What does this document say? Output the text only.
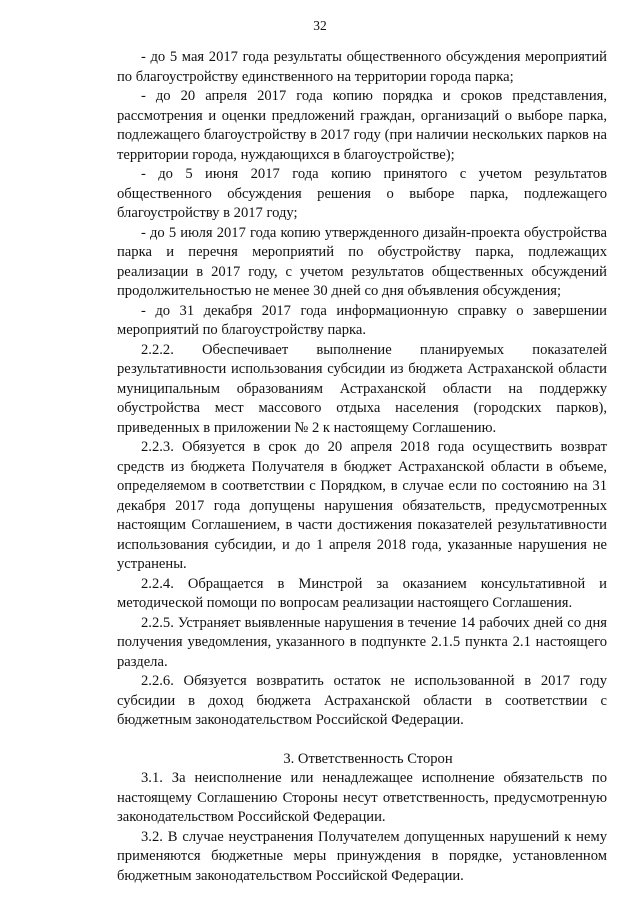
32

- до 5 мая 2017 года результаты общественного обсуждения мероприятий по благоустройству единственного на территории города парка;

- до 20 апреля 2017 года копию порядка и сроков представления, рассмотрения и оценки предложений граждан, организаций о выборе парка, подлежащего благоустройству в 2017 году (при наличии нескольких парков на территории города, нуждающихся в благоустройстве);

- до 5 июня 2017 года копию принятого с учетом результатов общественного обсуждения решения о выборе парка, подлежащего благоустройству в 2017 году;

- до 5 июля 2017 года копию утвержденного дизайн-проекта обустройства парка и перечня мероприятий по обустройству парка, подлежащих реализации в 2017 году, с учетом результатов общественных обсуждений продолжительностью не менее 30 дней со дня объявления обсуждения;

- до 31 декабря 2017 года информационную справку о завершении мероприятий по благоустройству парка.

2.2.2. Обеспечивает выполнение планируемых показателей результативности использования субсидии из бюджета Астраханской области муниципальным образованиям Астраханской области на поддержку обустройства мест массового отдыха населения (городских парков), приведенных в приложении № 2 к настоящему Соглашению.

2.2.3. Обязуется в срок до 20 апреля 2018 года осуществить возврат средств из бюджета Получателя в бюджет Астраханской области в объеме, определяемом в соответствии с Порядком, в случае если по состоянию на 31 декабря 2017 года допущены нарушения обязательств, предусмотренных настоящим Соглашением, в части достижения показателей результативности использования субсидии, и до 1 апреля 2018 года, указанные нарушения не устранены.

2.2.4. Обращается в Минстрой за оказанием консультативной и методической помощи по вопросам реализации настоящего Соглашения.

2.2.5. Устраняет выявленные нарушения в течение 14 рабочих дней со дня получения уведомления, указанного в подпункте 2.1.5 пункта 2.1 настоящего раздела.

2.2.6. Обязуется возвратить остаток не использованной в 2017 году субсидии в доход бюджета Астраханской области в соответствии с бюджетным законодательством Российской Федерации.

3. Ответственность Сторон

3.1. За неисполнение или ненадлежащее исполнение обязательств по настоящему Соглашению Стороны несут ответственность, предусмотренную законодательством Российской Федерации.

3.2. В случае неустранения Получателем допущенных нарушений к нему применяются бюджетные меры принуждения в порядке, установленном бюджетным законодательством Российской Федерации.
